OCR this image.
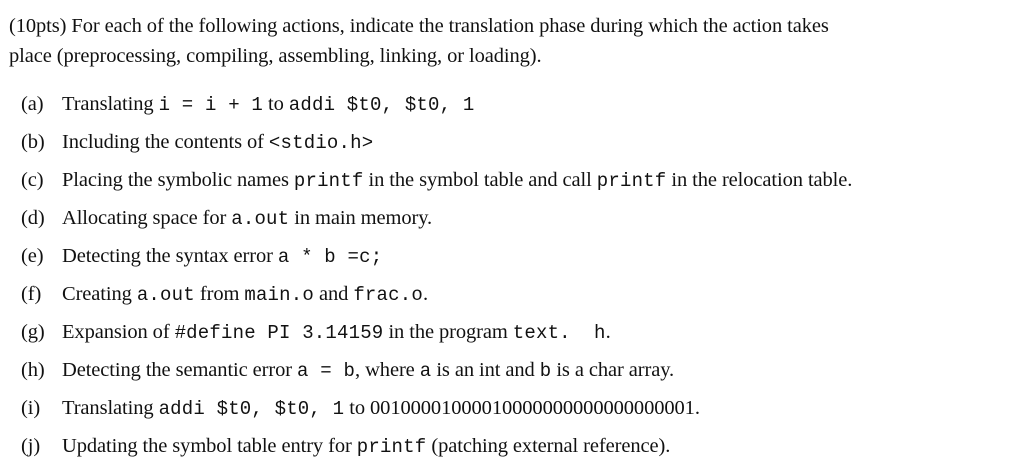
(10pts) For each of the following actions, indicate the translation phase during which the action takes
place (preprocessing, compiling, assembling, linking, or loading).
(a) Translating i = i + 1 to addi $t0, $t0, 1
(b) Including the contents of <stdio.h>
(c) Placing the symbolic names printf in the symbol table and call printf in the relocation table.
(d) Allocating space for a.out in main memory.
(e) Detecting the syntax error a * b =c;
(f) Creating a.out from main.o and frac.o.
(g) Expansion of #define PI 3.14159 in the program text.  h.
(h) Detecting the semantic error a = b, where a is an int and b is a char array.
(i) Translating addi $t0, $t0, 1 to 00100001000010000000000000000001.
(j) Updating the symbol table entry for printf (patching external reference).
